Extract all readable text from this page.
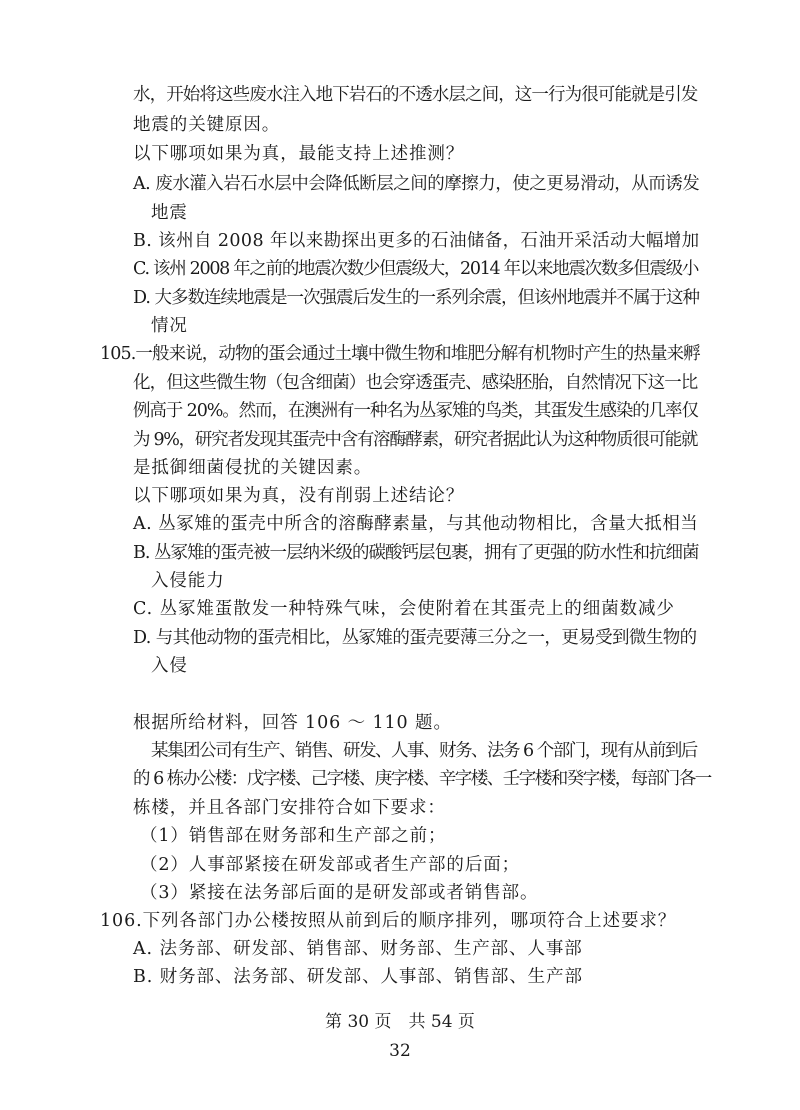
水，开始将这些废水注入地下岩石的不透水层之间，这一行为很可能就是引发
地震的关键原因。
以下哪项如果为真，最能支持上述推测？
A. 废水灌入岩石水层中会降低断层之间的摩擦力，使之更易滑动，从而诱发
地震
B. 该州自 2008 年以来勘探出更多的石油储备，石油开采活动大幅增加
C. 该州 2008 年之前的地震次数少但震级大，2014 年以来地震次数多但震级小
D. 大多数连续地震是一次强震后发生的一系列余震，但该州地震并不属于这种
情况
105.一般来说，动物的蛋会通过土壤中微生物和堆肥分解有机物时产生的热量来孵
化，但这些微生物（包含细菌）也会穿透蛋壳、感染胚胎，自然情况下这一比
例高于 20%。然而，在澳洲有一种名为丛冢雉的鸟类，其蛋发生感染的几率仅
为 9%，研究者发现其蛋壳中含有溶酶酵素，研究者据此认为这种物质很可能就
是抵御细菌侵扰的关键因素。
以下哪项如果为真，没有削弱上述结论？
A. 丛冢雉的蛋壳中所含的溶酶酵素量，与其他动物相比，含量大抵相当
B. 丛冢雉的蛋壳被一层纳米级的碳酸钙层包裹，拥有了更强的防水性和抗细菌
入侵能力
C. 丛冢雉蛋散发一种特殊气味，会使附着在其蛋壳上的细菌数减少
D. 与其他动物的蛋壳相比，丛冢雉的蛋壳要薄三分之一，更易受到微生物的
入侵
根据所给材料，回答 106 ～ 110 题。
某集团公司有生产、销售、研发、人事、财务、法务 6 个部门，现有从前到后
的 6 栋办公楼：戊字楼、己字楼、庚字楼、辛字楼、壬字楼和癸字楼，每部门各一
栋楼，并且各部门安排符合如下要求：
（1）销售部在财务部和生产部之前；
（2）人事部紧接在研发部或者生产部的后面；
（3）紧接在法务部后面的是研发部或者销售部。
106.下列各部门办公楼按照从前到后的顺序排列，哪项符合上述要求？
A. 法务部、研发部、销售部、财务部、生产部、人事部
B. 财务部、法务部、研发部、人事部、销售部、生产部
第 30 页　共 54 页
32
